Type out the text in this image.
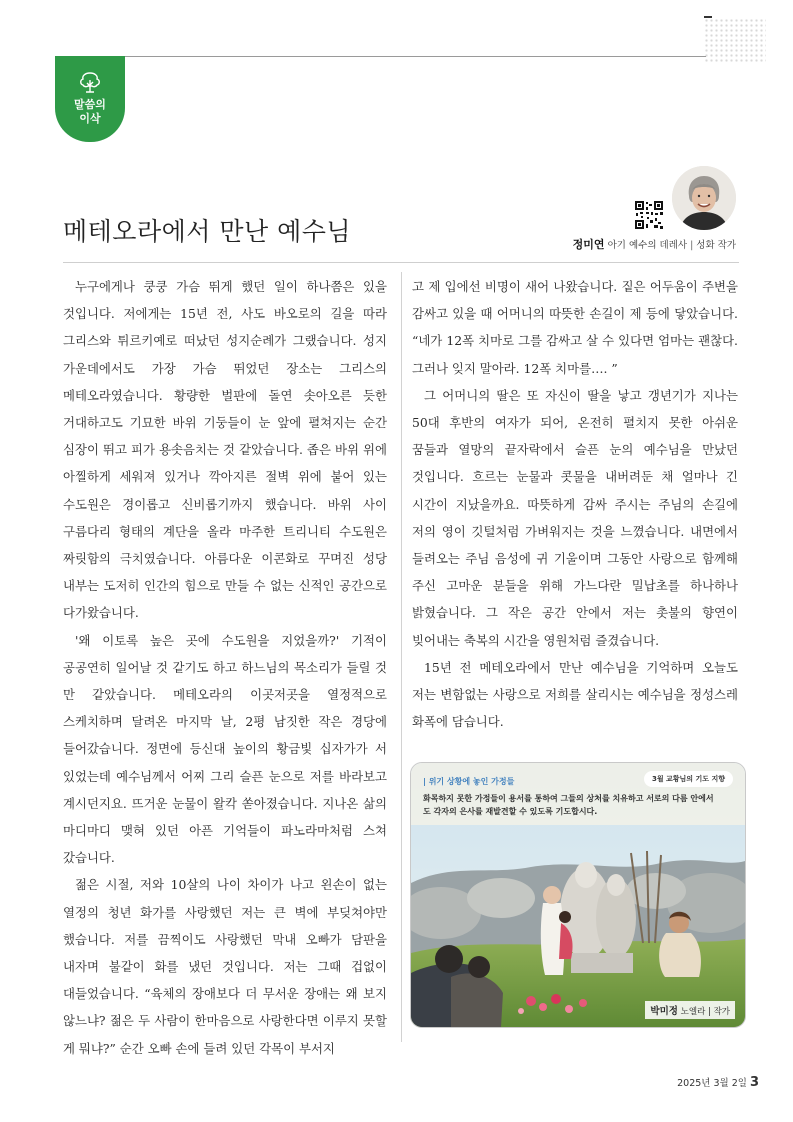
말씀의
이삭
메테오라에서 만난 예수님	정미연 아기 예수의 데레사 | 성화 작가

누구에게나 쿵쿵 가슴 뛰게 했던 일이 하나쯤은 있을 것입니다. 저에게는 15년 전, 사도 바오로의 길을 따라 그리스와 튀르키예로 떠났던 성지순례가 그랬습니다. 성지 가운데에서도 가장 가슴 뛰었던 장소는 그리스의 메테오라였습니다. 황량한 벌판에 돌연 솟아오른 듯한 거대하고도 기묘한 바위 기둥들이 눈 앞에 펼쳐지는 순간 심장이 뛰고 피가 용솟음치는 것 같았습니다. 좁은 바위 위에 아찔하게 세워져 있거나 깍아지른 절벽 위에 붙어 있는 수도원은 경이롭고 신비롭기까지 했습니다. 바위 사이 구름다리 형태의 계단을 올라 마주한 트리니티 수도원은 짜릿함의 극치였습니다. 아름다운 이콘화로 꾸며진 성당 내부는 도저히 인간의 힘으로 만들 수 없는 신적인 공간으로 다가왔습니다.

'왜 이토록 높은 곳에 수도원을 지었을까?' 기적이 공공연히 일어날 것 같기도 하고 하느님의 목소리가 들릴 것 만 같았습니다. 메테오라의 이곳저곳을 열정적으로 스케치하며 달려온 마지막 날, 2평 남짓한 작은 경당에 들어갔습니다. 정면에 등신대 높이의 황금빛 십자가가 서 있었는데 예수님께서 어찌 그리 슬픈 눈으로 저를 바라보고 계시던지요. 뜨거운 눈물이 왈칵 쏟아졌습니다. 지나온 삶의 마디마디 맺혀 있던 아픈 기억들이 파노라마처럼 스쳐 갔습니다.

젊은 시절, 저와 10살의 나이 차이가 나고 왼손이 없는 열정의 청년 화가를 사랑했던 저는 큰 벽에 부딪쳐야만 했습니다. 저를 끔찍이도 사랑했던 막내 오빠가 담판을 내자며 불같이 화를 냈던 것입니다. 저는 그때 겁없이 대들었습니다. “육체의 장애보다 더 무서운 장애는 왜 보지 않느냐? 젊은 두 사람이 한마음으로 사랑한다면 이루지 못할 게 뭐냐?” 순간 오빠 손에 들려 있던 각목이 부서지

고 제 입에선 비명이 새어 나왔습니다. 짙은 어두움이 주변을 감싸고 있을 때 어머니의 따뜻한 손길이 제 등에 닿았습니다. “네가 12폭 치마로 그를 감싸고 살 수 있다면 엄마는 괜찮다. 그러나 잊지 말아라. 12폭 치마를…. ”

그 어머니의 딸은 또 자신이 딸을 낳고 갱년기가 지나는 50대 후반의 여자가 되어, 온전히 펼치지 못한 아쉬운 꿈들과 열망의 끝자락에서 슬픈 눈의 예수님을 만났던 것입니다. 흐르는 눈물과 콧물을 내버려둔 채 얼마나 긴 시간이 지났을까요. 따뜻하게 감싸 주시는 주님의 손길에 저의 영이 깃털처럼 가벼워지는 것을 느꼈습니다. 내면에서 들려오는 주님 음성에 귀 기울이며 그동안 사랑으로 함께해 주신 고마운 분들을 위해 가느다란 밀납초를 하나하나 밝혔습니다. 그 작은 공간 안에서 저는 촛불의 향연이 빚어내는 축복의 시간을 영원처럼 즐겼습니다.

15년 전 메테오라에서 만난 예수님을 기억하며 오늘도 저는 변함없는 사랑으로 저희를 살리시는 예수님을 정성스레 화폭에 담습니다.

| 위기 상황에 놓인 가정들	3월 교황님의 기도 지향
화목하지 못한 가정들이 용서를 통하여 그들의 상처를 치유하고 서로의 다름 안에서도 각자의 은사를 재발견할 수 있도록 기도합시다.
박미정 노엘라 | 작가
2025년 3월 2일 3
